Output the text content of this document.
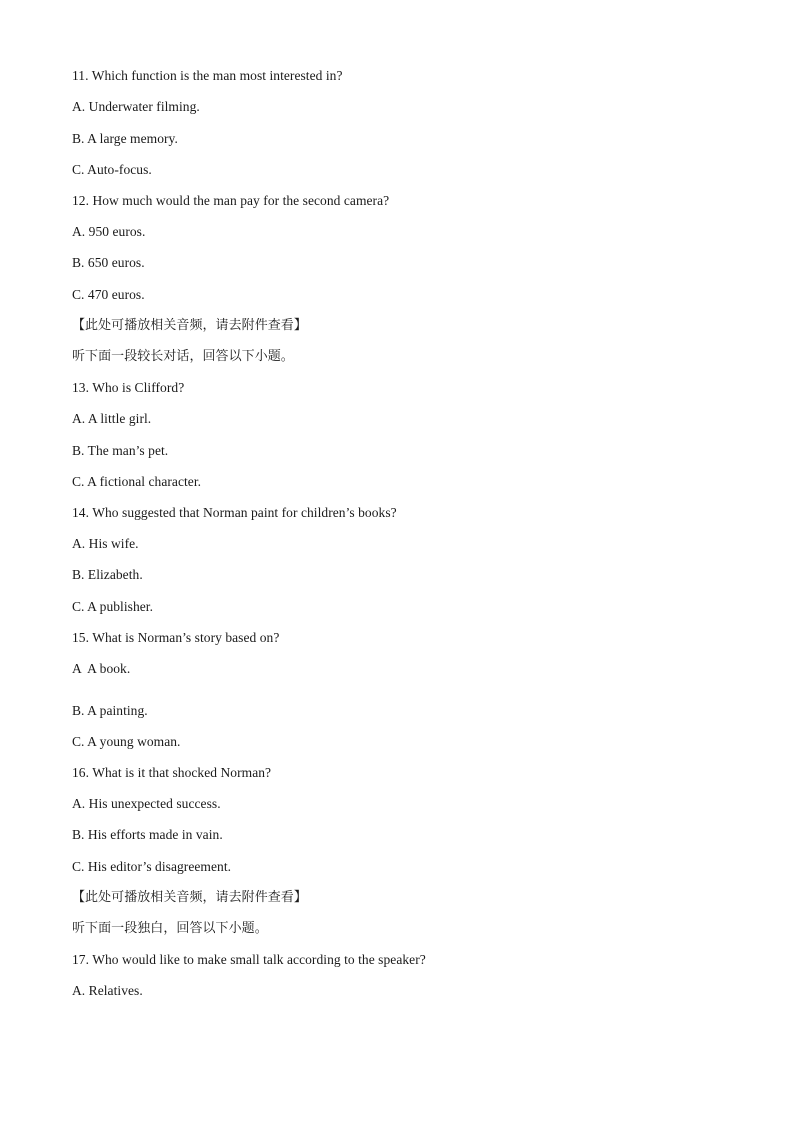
11. Which function is the man most interested in?
A. Underwater filming.
B. A large memory.
C. Auto-focus.
12. How much would the man pay for the second camera?
A. 950 euros.
B. 650 euros.
C. 470 euros.
【此处可播放相关音频，请去附件查看】
听下面一段较长对话，回答以下小题。
13. Who is Clifford?
A. A little girl.
B. The man’s pet.
C. A fictional character.
14. Who suggested that Norman paint for children’s books?
A. His wife.
B. Elizabeth.
C. A publisher.
15. What is Norman’s story based on?
A  A book.
B. A painting.
C. A young woman.
16. What is it that shocked Norman?
A. His unexpected success.
B. His efforts made in vain.
C. His editor’s disagreement.
【此处可播放相关音频，请去附件查看】
听下面一段独白，回答以下小题。
17. Who would like to make small talk according to the speaker?
A. Relatives.
